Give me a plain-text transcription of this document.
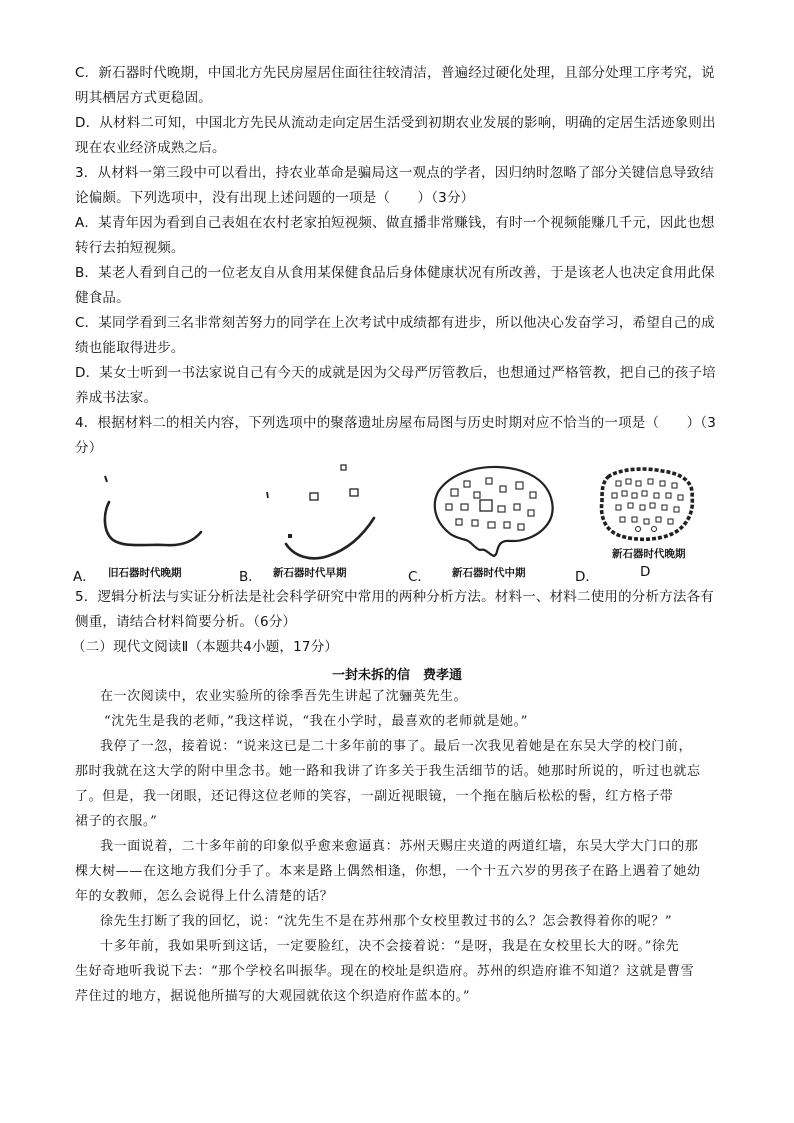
C．新石器时代晚期，中国北方先民房屋居住面往往较清洁，普遍经过硬化处理，且部分处理工序考究，说
明其栖居方式更稳固。
D．从材料二可知，中国北方先民从流动走向定居生活受到初期农业发展的影响，明确的定居生活迹象则出
现在农业经济成熟之后。
3．从材料一第三段中可以看出，持农业革命是骗局这一观点的学者，因归纳时忽略了部分关键信息导致结
论偏颇。下列选项中，没有出现上述问题的一项是（　　）（3分）
A．某青年因为看到自己表姐在农村老家拍短视频、做直播非常赚钱，有时一个视频能赚几千元，因此也想
转行去拍短视频。
B．某老人看到自己的一位老友自从食用某保健食品后身体健康状况有所改善，于是该老人也决定食用此保
健食品。
C．某同学看到三名非常刻苦努力的同学在上次考试中成绩都有进步，所以他决心发奋学习，希望自己的成
绩也能取得进步。
D．某女士听到一书法家说自己有今天的成就是因为父母严厉管教后，也想通过严格管教，把自己的孩子培
养成书法家。
4．根据材料二的相关内容，下列选项中的聚落遗址房屋布局图与历史时期对应不恰当的一项是（　　）（3
分）
A． 旧石器时代晚期	B． 新石器时代早期	C． 新石器时代中期
新石器时代晚期
D．	D
5．逻辑分析法与实证分析法是社会科学研究中常用的两种分析方法。材料一、材料二使用的分析方法各有
侧重，请结合材料简要分析。（6分）
（二）现代文阅读Ⅱ（本题共4小题，17分）
一封未拆的信　费孝通
在一次阅读中，农业实验所的徐季吾先生讲起了沈骊英先生。
“沈先生是我的老师，”我这样说，“我在小学时，最喜欢的老师就是她。”
我停了一忽，接着说：“说来这已是二十多年前的事了。最后一次我见着她是在东吴大学的校门前，
那时我就在这大学的附中里念书。她一路和我讲了许多关于我生活细节的话。她那时所说的，听过也就忘
了。但是，我一闭眼，还记得这位老师的笑容，一副近视眼镜，一个拖在脑后松松的髻，红方格子带
裙子的衣服。”
我一面说着，二十多年前的印象似乎愈来愈逼真：苏州天赐庄夹道的两道红墙，东吴大学大门口的那
棵大树——在这地方我们分手了。本来是路上偶然相逢，你想，一个十五六岁的男孩子在路上遇着了她幼
年的女教师，怎么会说得上什么清楚的话？
徐先生打断了我的回忆，说：“沈先生不是在苏州那个女校里教过书的么？怎会教得着你的呢？”
十多年前，我如果听到这话，一定要脸红，决不会接着说：“是呀，我是在女校里长大的呀。”徐先
生好奇地听我说下去：“那个学校名叫振华。现在的校址是织造府。苏州的织造府谁不知道？这就是曹雪
芹住过的地方，据说他所描写的大观园就依这个织造府作蓝本的。”
